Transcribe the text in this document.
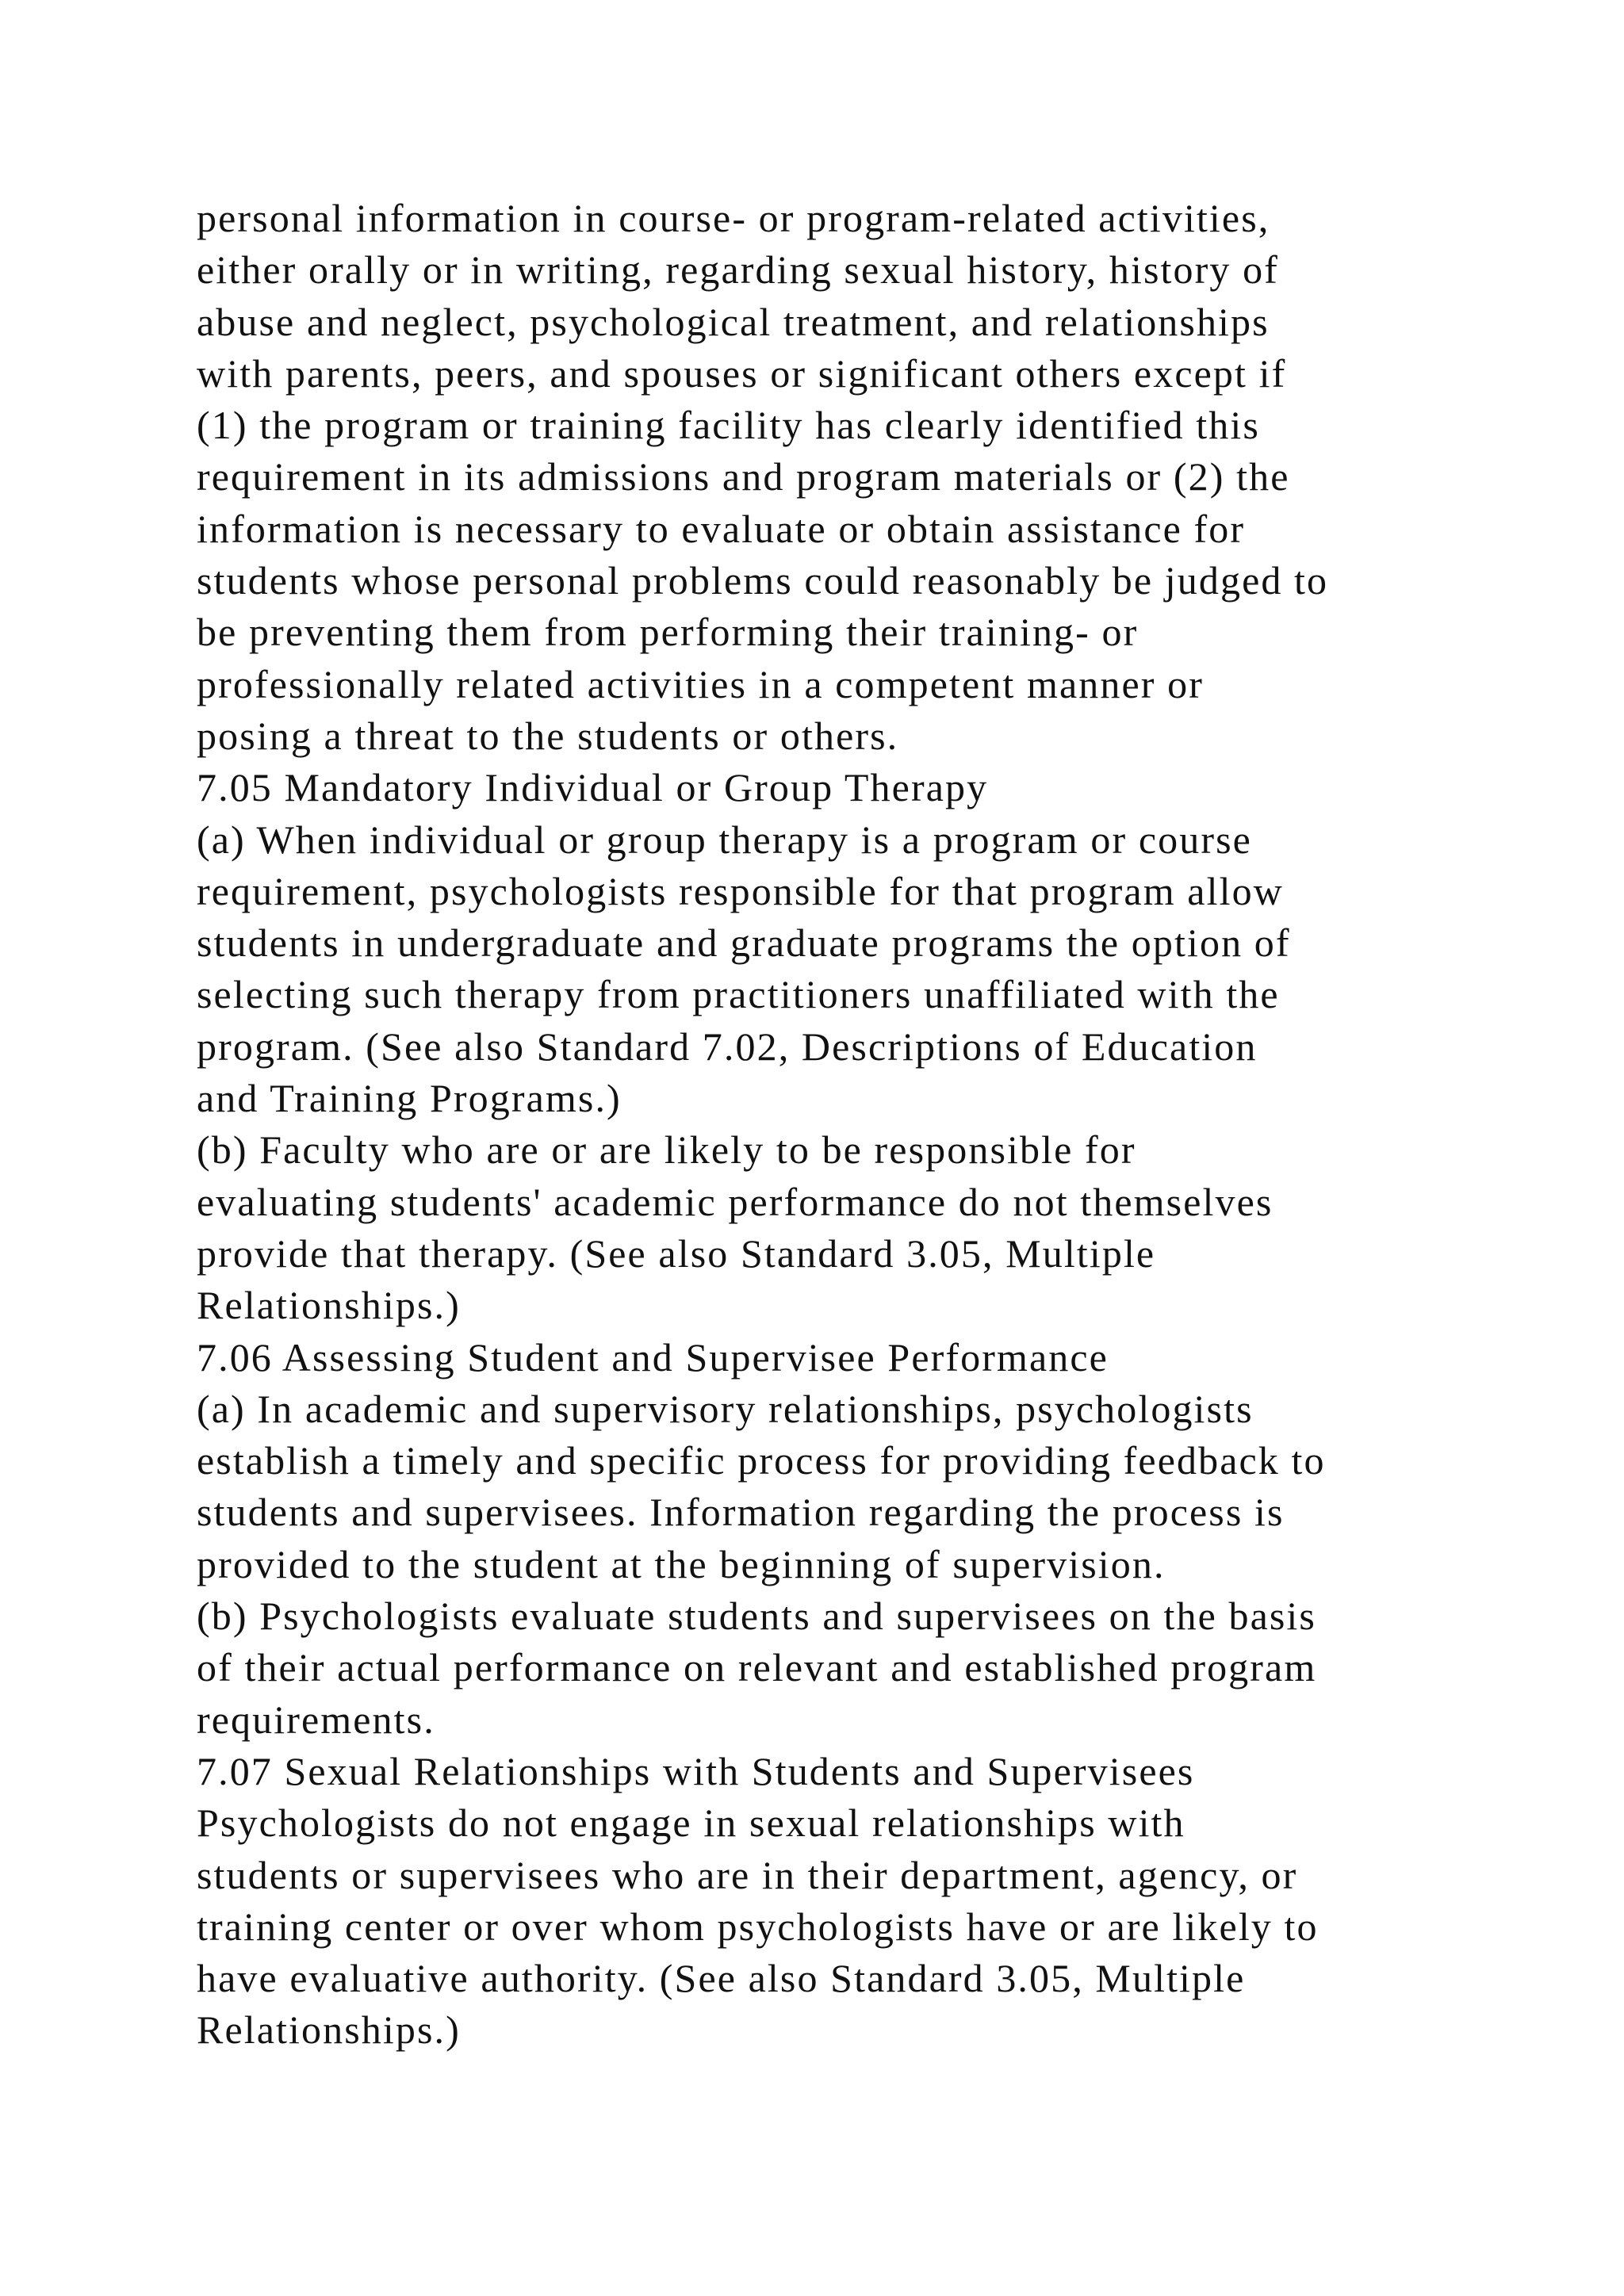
personal information in course- or program-related activities,
either orally or in writing, regarding sexual history, history of
abuse and neglect, psychological treatment, and relationships
with parents, peers, and spouses or significant others except if
(1) the program or training facility has clearly identified this
requirement in its admissions and program materials or (2) the
information is necessary to evaluate or obtain assistance for
students whose personal problems could reasonably be judged to
be preventing them from performing their training- or
professionally related activities in a competent manner or
posing a threat to the students or others.
7.05 Mandatory Individual or Group Therapy
(a) When individual or group therapy is a program or course
requirement, psychologists responsible for that program allow
students in undergraduate and graduate programs the option of
selecting such therapy from practitioners unaffiliated with the
program. (See also Standard 7.02, Descriptions of Education
and Training Programs.)
(b) Faculty who are or are likely to be responsible for
evaluating students' academic performance do not themselves
provide that therapy. (See also Standard 3.05, Multiple
Relationships.)
7.06 Assessing Student and Supervisee Performance
(a) In academic and supervisory relationships, psychologists
establish a timely and specific process for providing feedback to
students and supervisees. Information regarding the process is
provided to the student at the beginning of supervision.
(b) Psychologists evaluate students and supervisees on the basis
of their actual performance on relevant and established program
requirements.
7.07 Sexual Relationships with Students and Supervisees
Psychologists do not engage in sexual relationships with
students or supervisees who are in their department, agency, or
training center or over whom psychologists have or are likely to
have evaluative authority. (See also Standard 3.05, Multiple
Relationships.)
